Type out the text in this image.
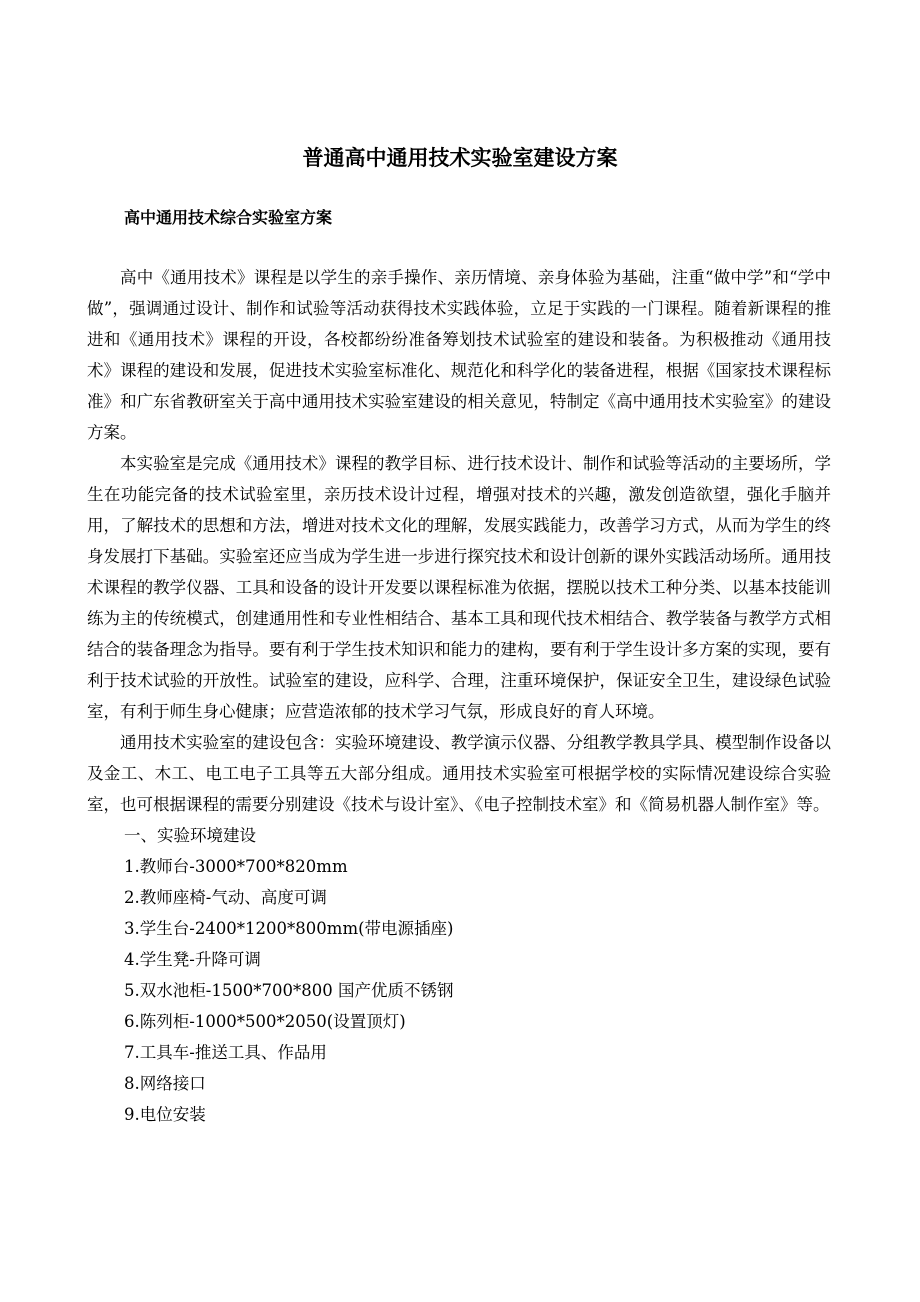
普通高中通用技术实验室建设方案
高中通用技术综合实验室方案

高中《通用技术》课程是以学生的亲手操作、亲历情境、亲身体验为基础，注重“做中学”和“学中做”，强调通过设计、制作和试验等活动获得技术实践体验，立足于实践的一门课程。随着新课程的推进和《通用技术》课程的开设，各校都纷纷准备筹划技术试验室的建设和装备。为积极推动《通用技术》课程的建设和发展，促进技术实验室标准化、规范化和科学化的装备进程，根据《国家技术课程标准》和广东省教研室关于高中通用技术实验室建设的相关意见，特制定《高中通用技术实验室》的建设方案。

本实验室是完成《通用技术》课程的教学目标、进行技术设计、制作和试验等活动的主要场所，学生在功能完备的技术试验室里，亲历技术设计过程，增强对技术的兴趣，激发创造欲望，强化手脑并用，了解技术的思想和方法，增进对技术文化的理解，发展实践能力，改善学习方式，从而为学生的终身发展打下基础。实验室还应当成为学生进一步进行探究技术和设计创新的课外实践活动场所。通用技术课程的教学仪器、工具和设备的设计开发要以课程标准为依据，摆脱以技术工种分类、以基本技能训练为主的传统模式，创建通用性和专业性相结合、基本工具和现代技术相结合、教学装备与教学方式相结合的装备理念为指导。要有利于学生技术知识和能力的建构，要有利于学生设计多方案的实现，要有利于技术试验的开放性。试验室的建设，应科学、合理，注重环境保护，保证安全卫生，建设绿色试验室，有利于师生身心健康；应营造浓郁的技术学习气氛，形成良好的育人环境。

通用技术实验室的建设包含：实验环境建设、教学演示仪器、分组教学教具学具、模型制作设备以及金工、木工、电工电子工具等五大部分组成。通用技术实验室可根据学校的实际情况建设综合实验室，也可根据课程的需要分别建设《技术与设计室》、《电子控制技术室》和《简易机器人制作室》等。

一、实验环境建设
1.教师台-3000*700*820mm
2.教师座椅-气动、高度可调
3.学生台-2400*1200*800mm(带电源插座)
4.学生凳-升降可调
5.双水池柜-1500*700*800 国产优质不锈钢
6.陈列柜-1000*500*2050(设置顶灯)
7.工具车-推送工具、作品用
8.网络接口
9.电位安装
